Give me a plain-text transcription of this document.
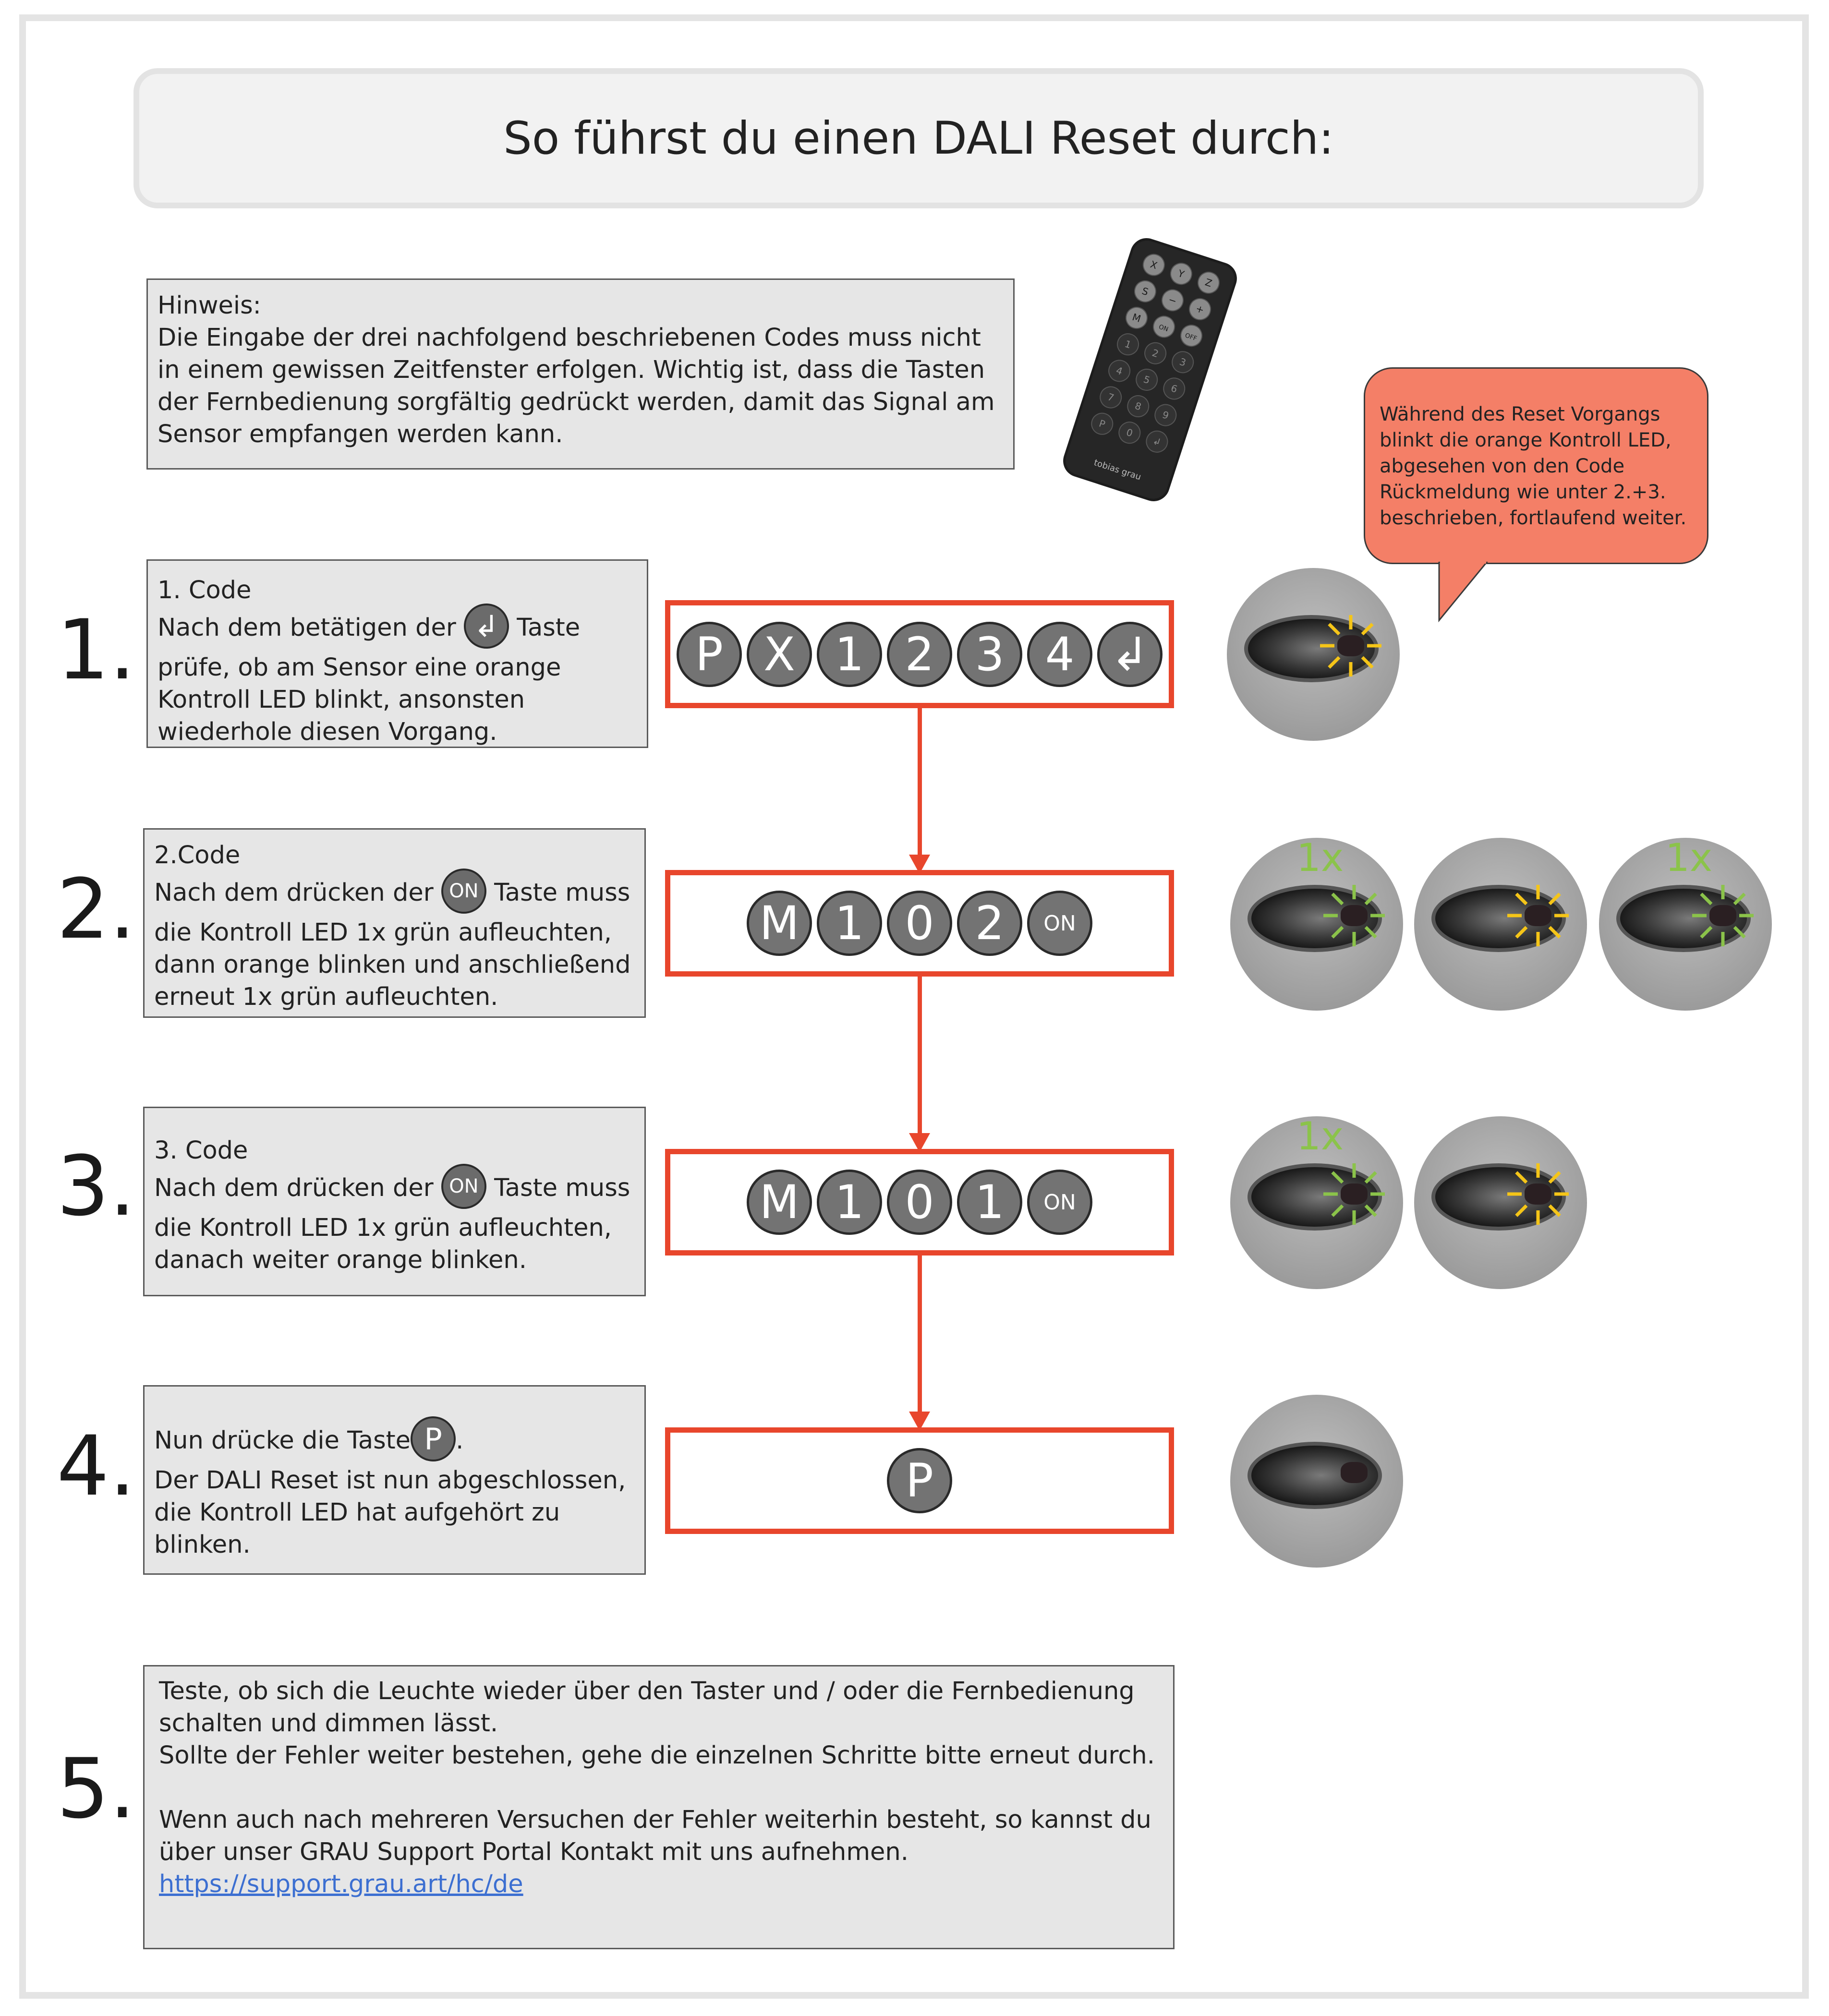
So führst du einen DALI Reset durch:
Hinweis:
Die Eingabe der drei nachfolgend beschriebenen Codes muss nicht in einem gewissen Zeitfenster erfolgen. Wichtig ist, dass die Tasten der Fernbedienung sorgfältig gedrückt werden, damit das Signal am Sensor empfangen werden kann.
X
Y
Z
S
−
+
M
ON
OFF
1
2
3
4
5
6
7
8
9
P
0
↲
tobias grau
Während des Reset Vorgangs blinkt die orange Kontroll LED, abgesehen von den Code Rückmeldung wie unter 2.+3. beschrieben, fortlaufend weiter.
1.
1. Code
Nach dem betätigen der ↲ Taste prüfe, ob am Sensor eine orange Kontroll LED blinkt, ansonsten wiederhole diesen Vorgang.
P X 1 2 3 4 ↲
2.
2.Code
Nach dem drücken der ON Taste muss die Kontroll LED 1x grün aufleuchten, dann orange blinken und anschließend erneut 1x grün aufleuchten.
M 1 0 2	ON
1x	1x
3. 3. Code
Nach dem drücken der ON Taste muss die Kontroll LED 1x grün aufleuchten, danach weiter orange blinken.
M 1 0 1	ON
1x
4. Nun drücke die Taste P .
Der DALI Reset ist nun abgeschlossen, die Kontroll LED hat aufgehört zu blinken.
P
5.
Teste, ob sich die Leuchte wieder über den Taster und / oder die Fernbedienung schalten und dimmen lässt.
Sollte der Fehler weiter bestehen, gehe die einzelnen Schritte bitte erneut durch.
Wenn auch nach mehreren Versuchen der Fehler weiterhin besteht, so kannst du über unser GRAU Support Portal Kontakt mit uns aufnehmen.
https://support.grau.art/hc/de
